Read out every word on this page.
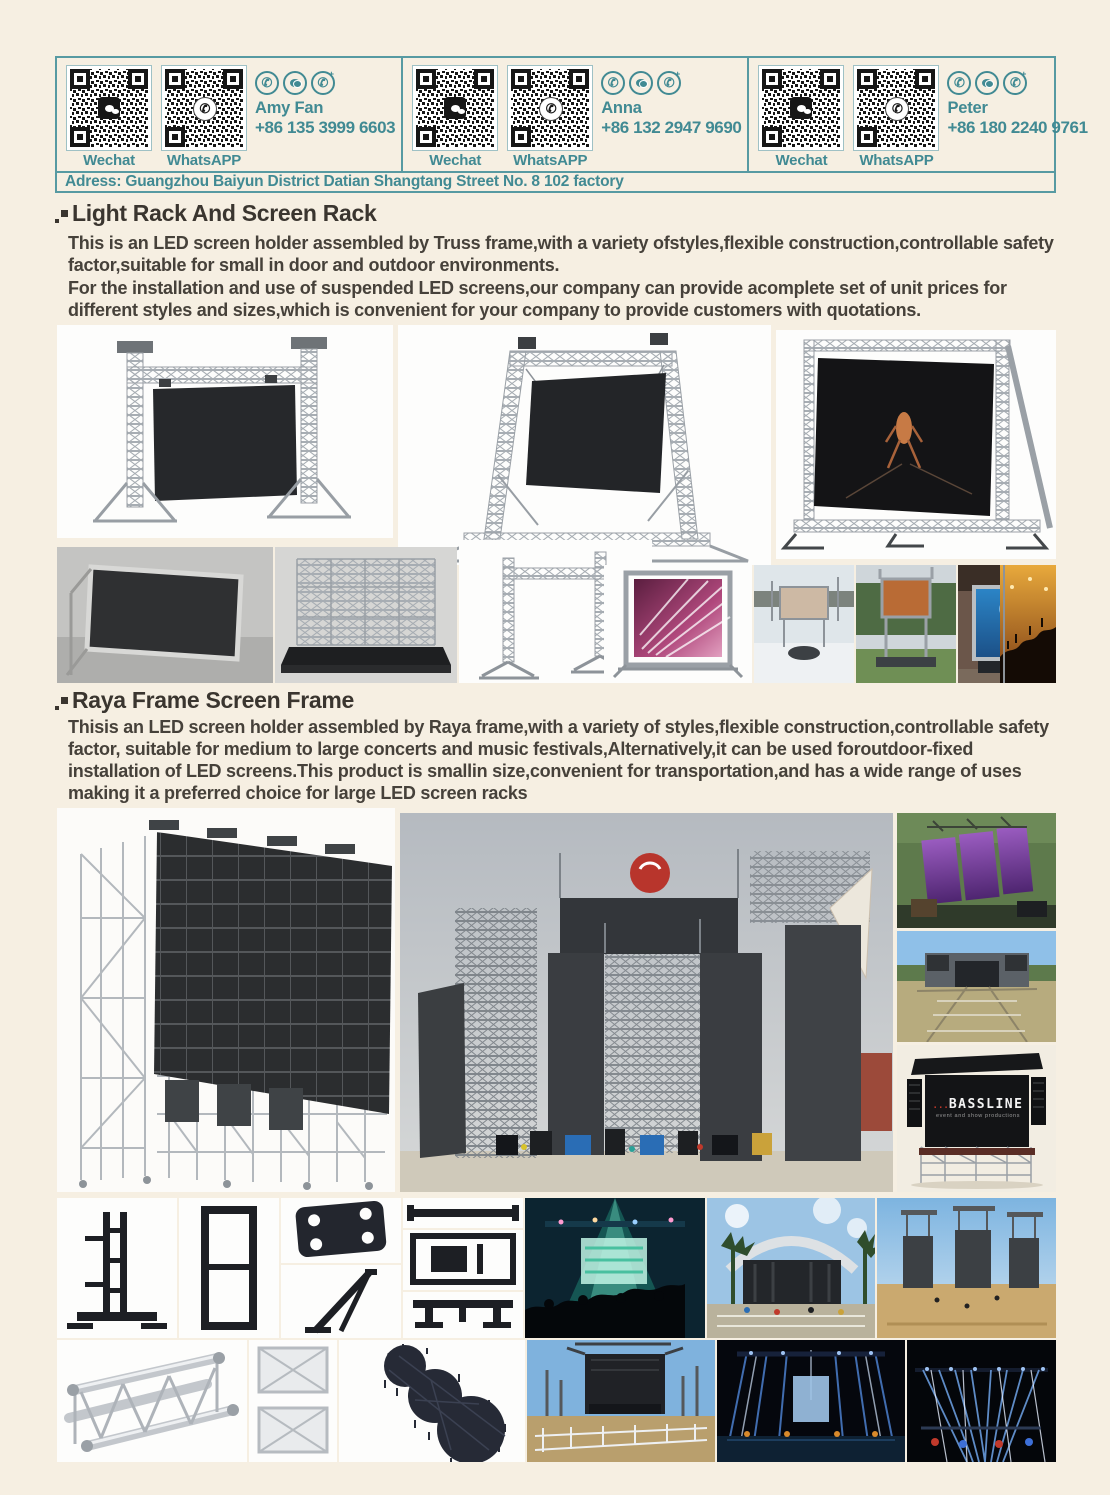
Wechat
✆
WhatsAPP
✆	✆
+
Amy Fan
+86 135 3999 6603
Wechat
✆
WhatsAPP
✆	✆
+
Anna
+86 132 2947 9690
Wechat
✆
WhatsAPP
✆	✆
+
Peter
+86 180 2240 9761
Adress: Guangzhou Baiyun District Datian Shangtang Street No. 8 102 factory
Light Rack And Screen Rack
This is an LED screen holder assembled by Truss frame,with a variety ofstyles,flexible construction,controllable safety factor,suitable for small in door and outdoor environments.
For the installation and use of suspended LED screens,our company can provide acomplete set of unit prices for different styles and sizes,which is convenient for your company to provide customers with quotations.
Raya Frame Screen Frame
Thisis an LED screen holder assembled by Raya frame,with a variety of styles,flexible construction,controllable safety factor, suitable for medium to large concerts and music festivals,Alternatively,it can be used foroutdoor-fixed installation of LED screens.This product is smallin size,convenient for transportation,and has a wide range of uses making it a preferred choice for large LED screen racks
...BASSLINE
event and show productions
